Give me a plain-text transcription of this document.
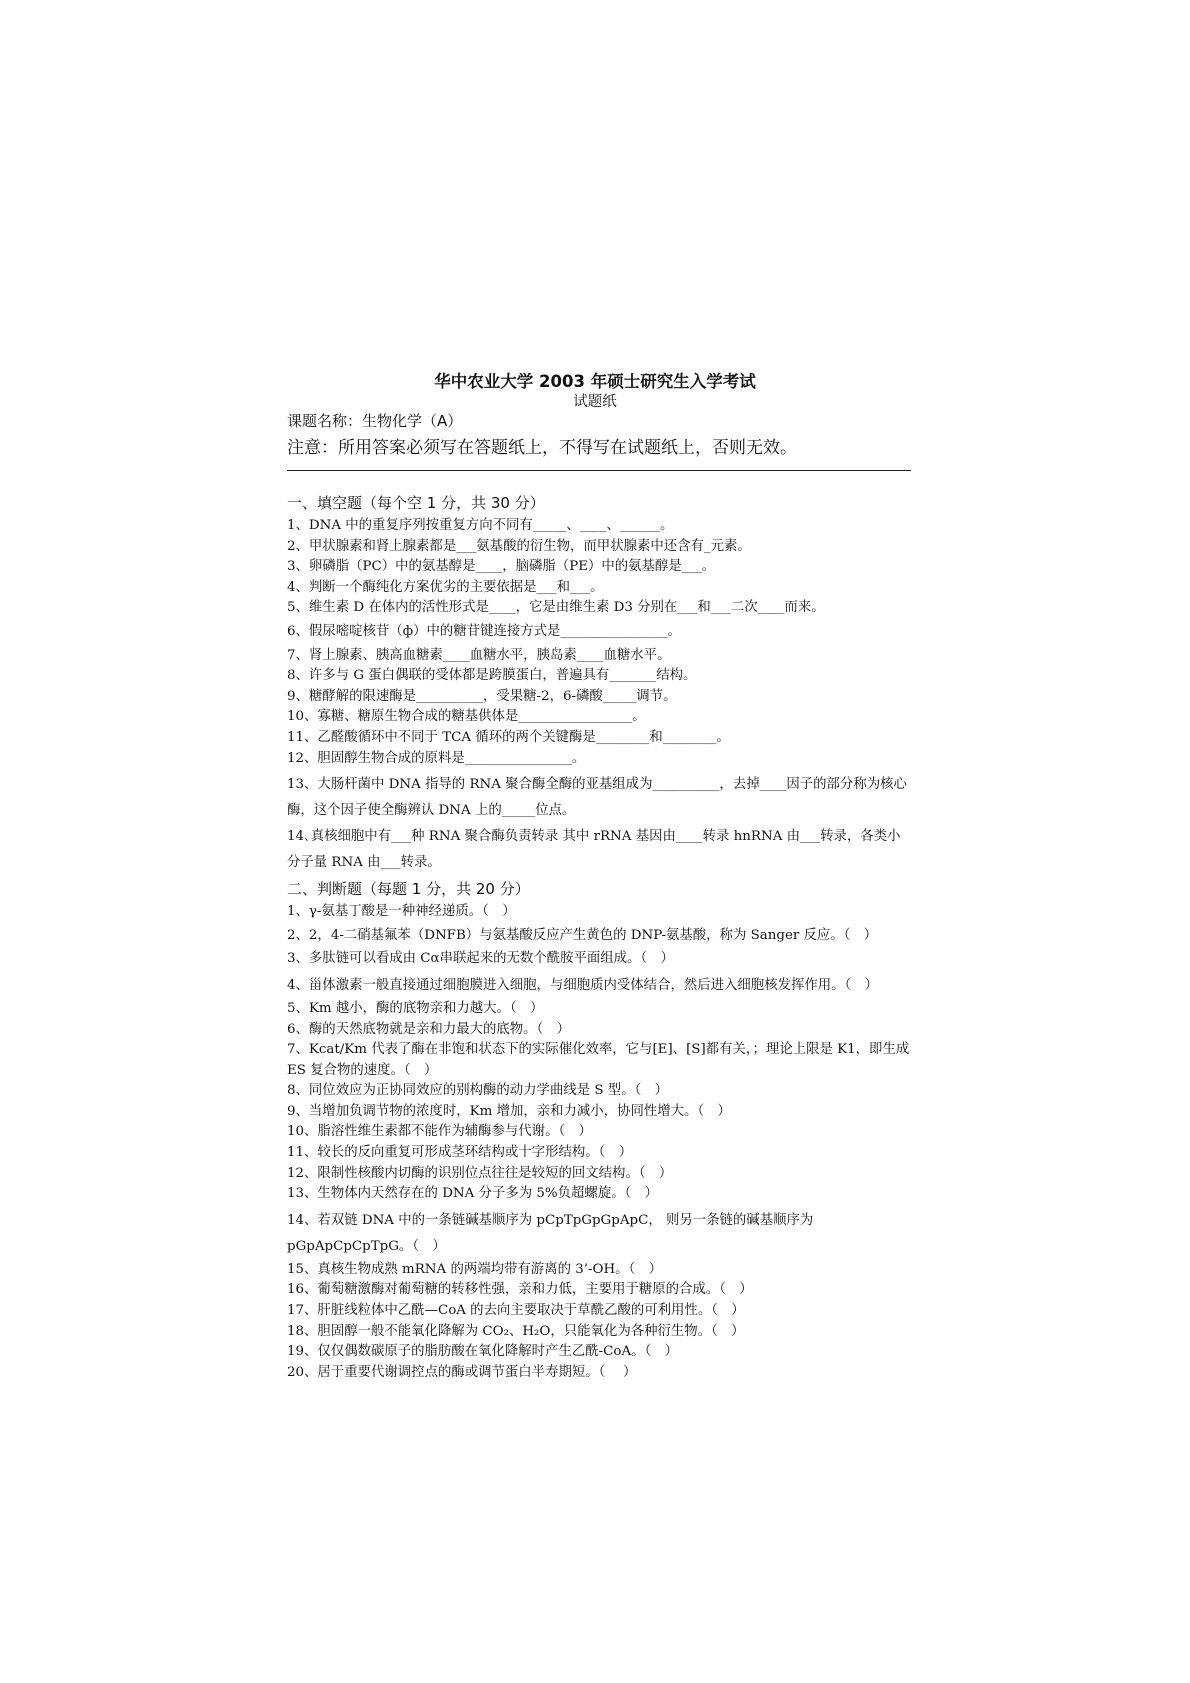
华中农业大学 2003 年硕士研究生入学考试
试题纸
课题名称：生物化学（A）
注意：所用答案必须写在答题纸上，不得写在试题纸上，否则无效。
一、填空题（每个空 1 分，共 30 分）
1、DNA 中的重复序列按重复方向不同有_____、____、______。
2、甲状腺素和肾上腺素都是___氨基酸的衍生物，而甲状腺素中还含有_元素。
3、卵磷脂（PC）中的氨基醇是____，脑磷脂（PE）中的氨基醇是___。
4、判断一个酶纯化方案优劣的主要依据是___和___。
5、维生素 D 在体内的活性形式是____，它是由维生素 D3 分别在___和___二次____而来。
6、假尿嘧啶核苷（ф）中的糖苷键连接方式是________________。
7、肾上腺素、胰高血糖素____血糖水平，胰岛素____血糖水平。
8、许多与 G 蛋白偶联的受体都是跨膜蛋白，普遍具有_______结构。
9、糖酵解的限速酶是__________，受果糖-2，6-磷酸_____调节。
10、寡糖、糖原生物合成的糖基供体是_________________。
11、乙醛酸循环中不同于 TCA 循环的两个关键酶是________和________。
12、胆固醇生物合成的原料是________________。
13、大肠杆菌中 DNA 指导的 RNA 聚合酶全酶的亚基组成为__________，去掉____因子的部分称为核心酶，这个因子使全酶辨认 DNA 上的_____位点。
14､真核细胞中有___种 RNA 聚合酶负责转录 其中 rRNA 基因由____转录 hnRNA 由___转录，各类小分子量 RNA 由___转录。
二、判断题（每题 1 分，共 20 分）
1、γ-氨基丁酸是一种神经递质。（　）
2、2，4-二硝基氟苯（DNFB）与氨基酸反应产生黄色的 DNP-氨基酸，称为 Sanger 反应。（　）
3、多肽链可以看成由 Cα串联起来的无数个酰胺平面组成。（　）
4、甾体激素一般直接通过细胞膜进入细胞，与细胞质内受体结合，然后进入细胞核发挥作用。（　）
5、Km 越小，酶的底物亲和力越大。（　）
6、酶的天然底物就是亲和力最大的底物。（　）
7、Kcat/Km 代表了酶在非饱和状态下的实际催化效率，它与[E]、[S]都有关，；理论上限是 K1，即生成 ES 复合物的速度。（　）
8、同位效应为正协同效应的别构酶的动力学曲线是 S 型。（　）
9、当增加负调节物的浓度时，Km 增加，亲和力减小，协同性增大。（　）
10、脂溶性维生素都不能作为辅酶参与代谢。（　）
11、较长的反向重复可形成茎环结构或十字形结构。（　）
12、限制性核酸内切酶的识别位点往往是较短的回文结构。（　）
13、生物体内天然存在的 DNA 分子多为 5%负超螺旋。（　）
14、若双链 DNA 中的一条链碱基顺序为 pCpTpGpGpApC， 则另一条链的碱基顺序为 pGpApCpCpTpG。（　）
15、真核生物成熟 mRNA 的两端均带有游离的 3’-OH。（　）
16、葡萄糖激酶对葡萄糖的转移性强，亲和力低，主要用于糖原的合成。（　）
17、肝脏线粒体中乙酰—CoA 的去向主要取决于草酰乙酸的可利用性。（　）
18、胆固醇一般不能氧化降解为 CO₂、H₂O，只能氧化为各种衍生物。（　）
19、仅仅偶数碳原子的脂肪酸在氧化降解时产生乙酰-CoA。（　）
20、居于重要代谢调控点的酶或调节蛋白半寿期短。（　 ）
